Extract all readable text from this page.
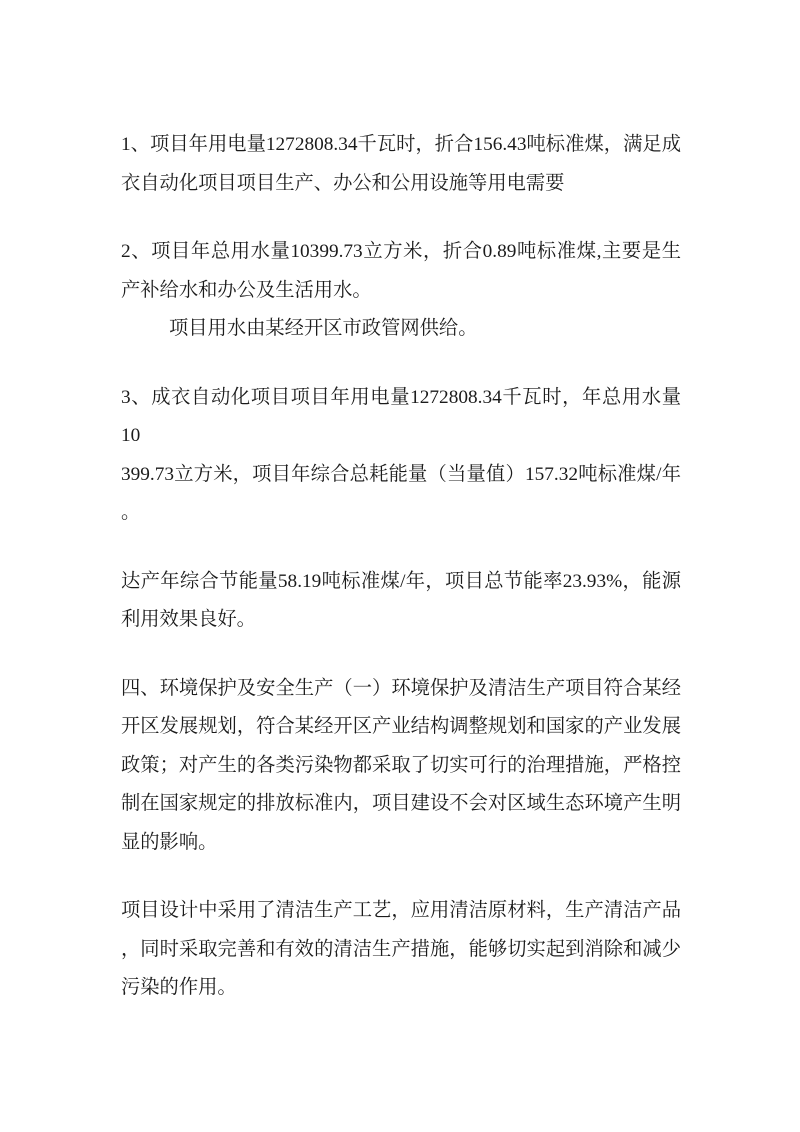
1、项目年用电量1272808.34千瓦时，折合156.43吨标准煤，满足成
衣自动化项目项目生产、办公和公用设施等用电需要
2、项目年总用水量10399.73立方米，折合0.89吨标准煤,主要是生
产补给水和办公及生活用水。
项目用水由某经开区市政管网供给。
3、成衣自动化项目项目年用电量1272808.34千瓦时，年总用水量10
399.73立方米，项目年综合总耗能量（当量值）157.32吨标准煤/年
。
达产年综合节能量58.19吨标准煤/年，项目总节能率23.93%，能源
利用效果良好。
四、环境保护及安全生产（一）环境保护及清洁生产项目符合某经
开区发展规划，符合某经开区产业结构调整规划和国家的产业发展
政策；对产生的各类污染物都采取了切实可行的治理措施，严格控
制在国家规定的排放标准内，项目建设不会对区域生态环境产生明
显的影响。
项目设计中采用了清洁生产工艺，应用清洁原材料，生产清洁产品
，同时采取完善和有效的清洁生产措施，能够切实起到消除和减少
污染的作用。
